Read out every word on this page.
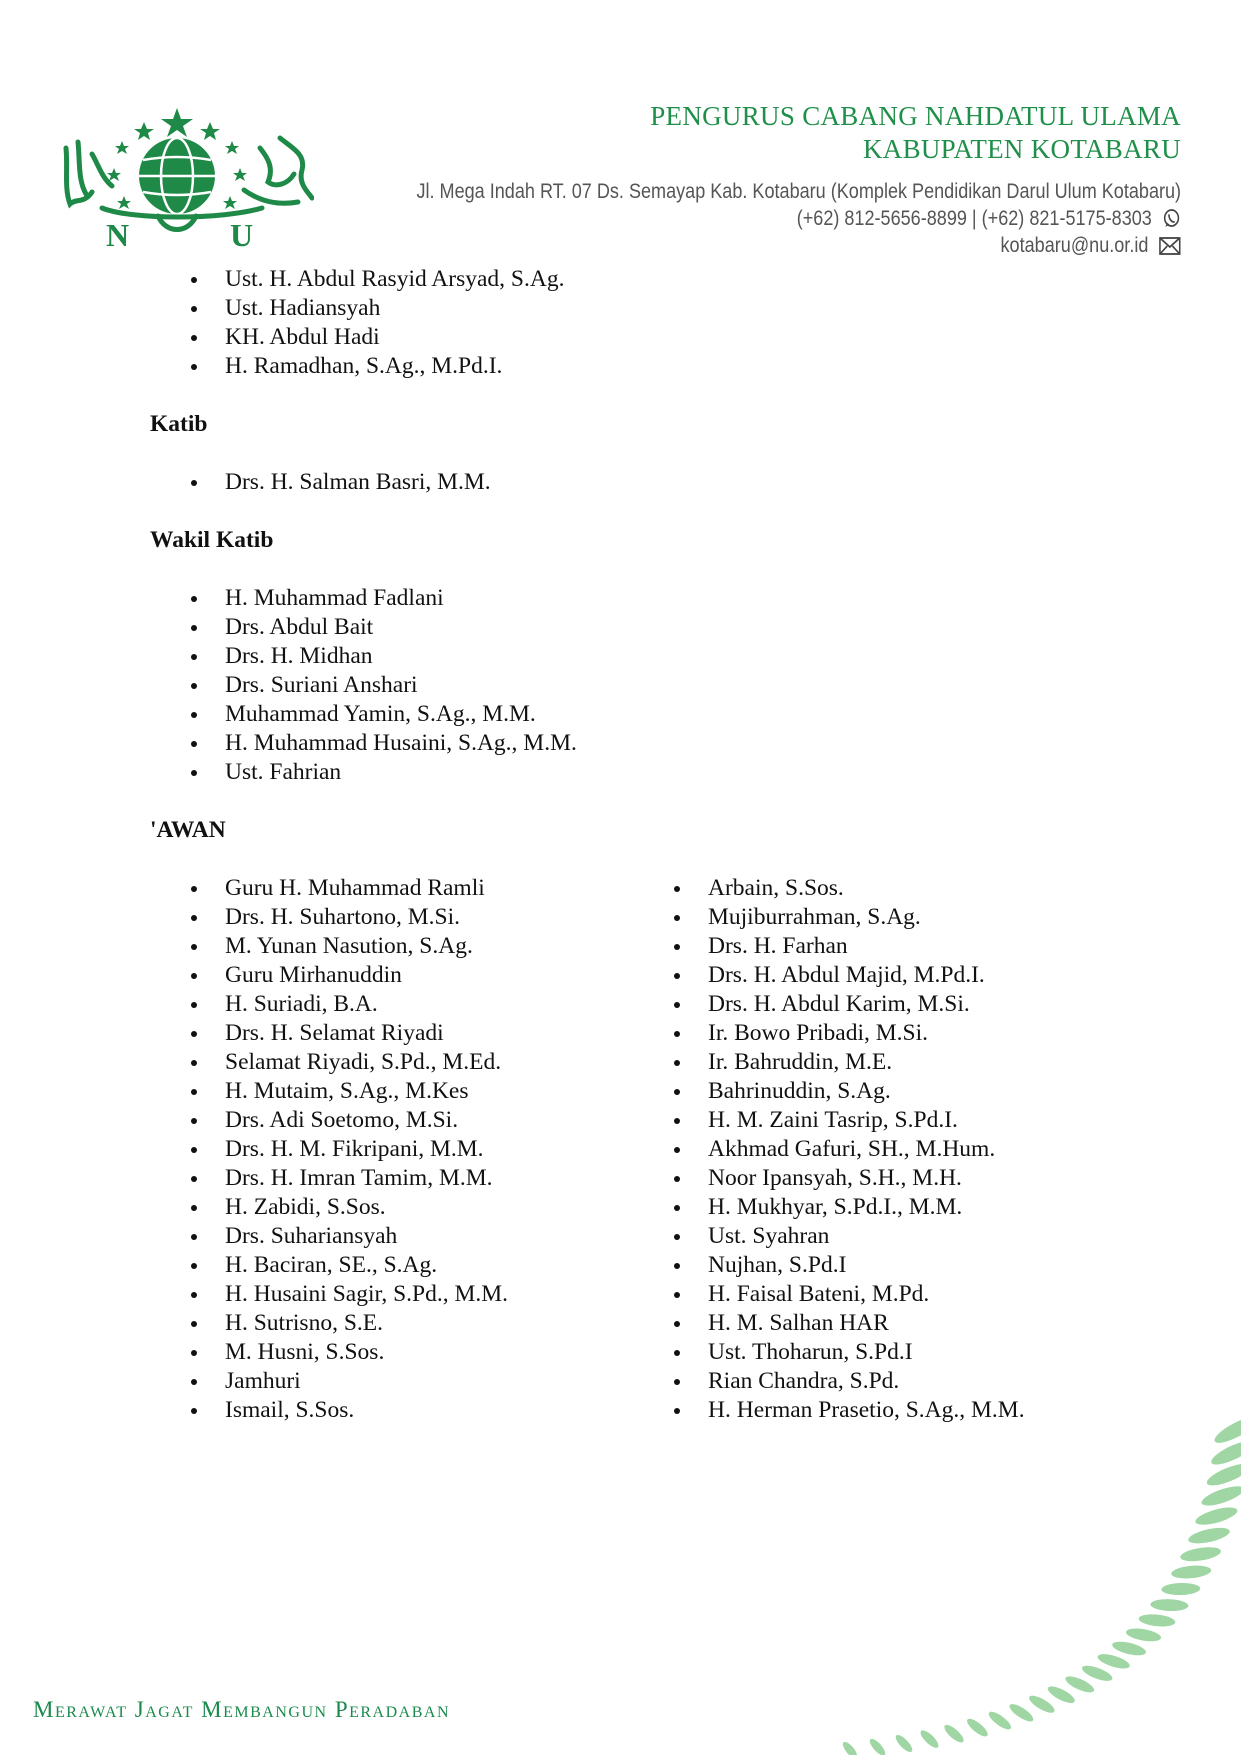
N	U
PENGURUS CABANG NAHDATUL ULAMA
KABUPATEN KOTABARU
Jl. Mega Indah RT. 07 Ds. Semayap Kab. Kotabaru (Komplek Pendidikan Darul Ulum Kotabaru)
(+62) 812-5656-8899 | (+62) 821-5175-8303
kotabaru@nu.or.id
Ust. H. Abdul Rasyid Arsyad, S.Ag.
Ust. Hadiansyah
KH. Abdul Hadi
H. Ramadhan, S.Ag., M.Pd.I.

Katib

Drs. H. Salman Basri, M.M.

Wakil Katib

H. Muhammad Fadlani
Drs. Abdul Bait
Drs. H. Midhan
Drs. Suriani Anshari
Muhammad Yamin, S.Ag., M.M.
H. Muhammad Husaini, S.Ag., M.M.
Ust. Fahrian

'AWAN

Guru H. Muhammad Ramli
Drs. H. Suhartono, M.Si.
M. Yunan Nasution, S.Ag.
Guru Mirhanuddin
H. Suriadi, B.A.
Drs. H. Selamat Riyadi
Selamat Riyadi, S.Pd., M.Ed.
H. Mutaim, S.Ag., M.Kes
Drs. Adi Soetomo, M.Si.
Drs. H. M. Fikripani, M.M.
Drs. H. Imran Tamim, M.M.
H. Zabidi, S.Sos.
Drs. Suhariansyah
H. Baciran, SE., S.Ag.
H. Husaini Sagir, S.Pd., M.M.
H. Sutrisno, S.E.
M. Husni, S.Sos.
Jamhuri
Ismail, S.Sos.
Arbain, S.Sos.
Mujiburrahman, S.Ag.
Drs. H. Farhan
Drs. H. Abdul Majid, M.Pd.I.
Drs. H. Abdul Karim, M.Si.
Ir. Bowo Pribadi, M.Si.
Ir. Bahruddin, M.E.
Bahrinuddin, S.Ag.
H. M. Zaini Tasrip, S.Pd.I.
Akhmad Gafuri, SH., M.Hum.
Noor Ipansyah, S.H., M.H.
H. Mukhyar, S.Pd.I., M.M.
Ust. Syahran
Nujhan, S.Pd.I
H. Faisal Bateni, M.Pd.
H. M. Salhan HAR
Ust. Thoharun, S.Pd.I
Rian Chandra, S.Pd.
H. Herman Prasetio, S.Ag., M.M.
Merawat Jagat Membangun Peradaban
